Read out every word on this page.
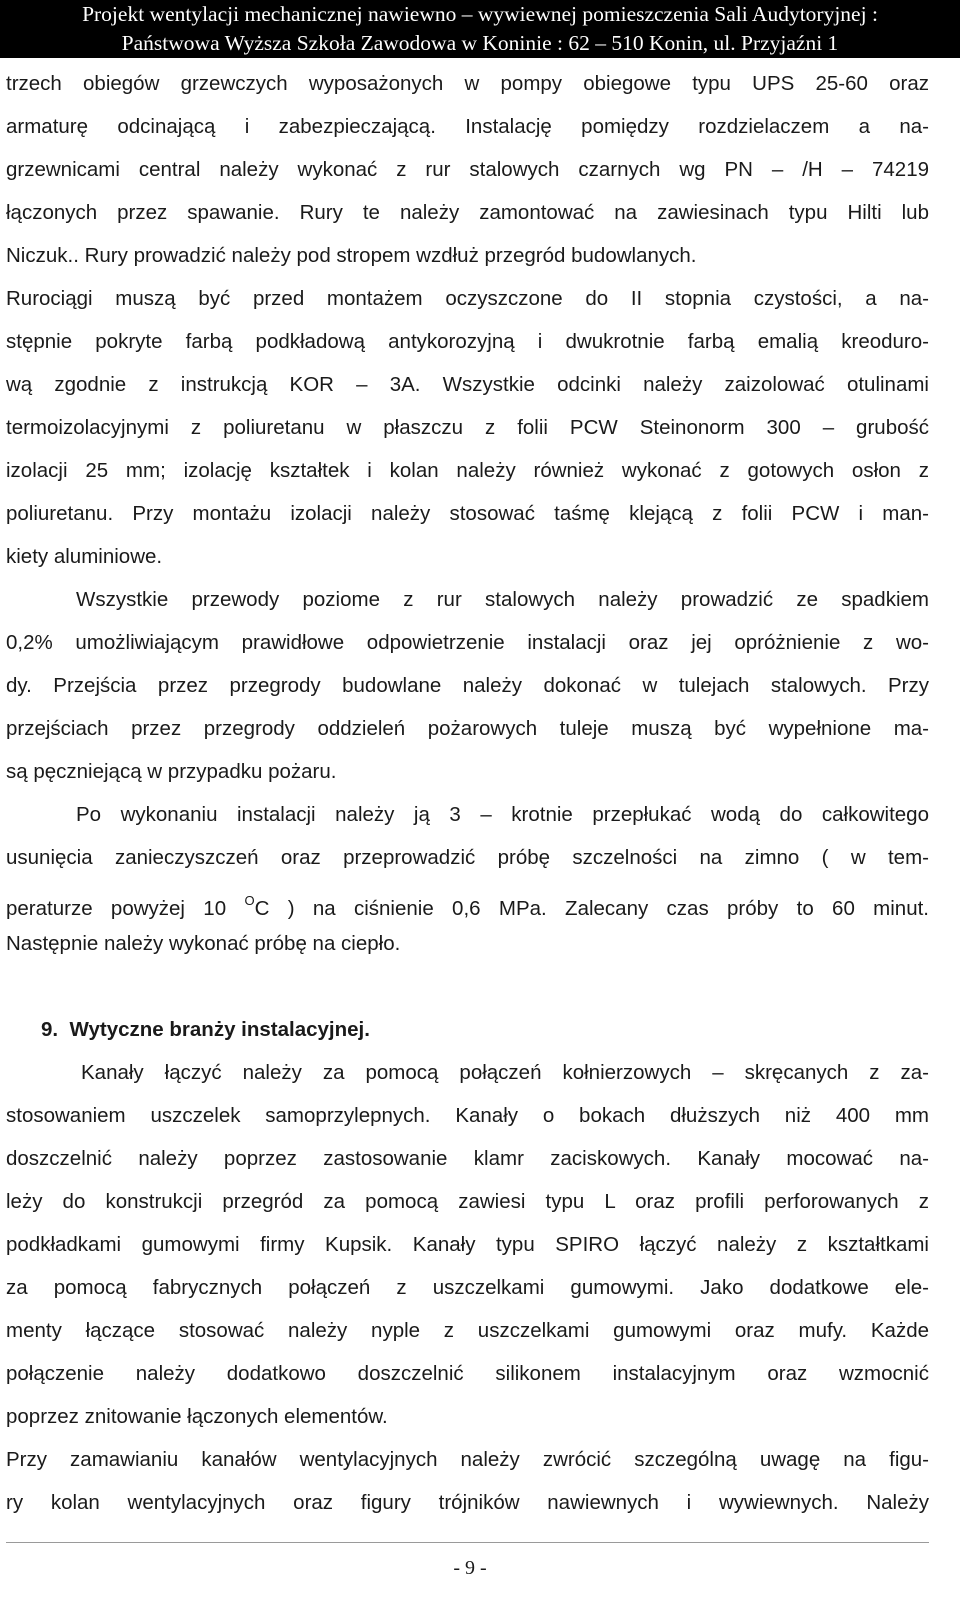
Projekt wentylacji mechanicznej nawiewno – wywiewnej pomieszczenia Sali Audytoryjnej :
Państwowa Wyższa Szkoła Zawodowa w Koninie : 62 – 510 Konin, ul. Przyjaźni 1
trzech obiegów grzewczych wyposażonych w pompy obiegowe typu UPS 25-60 oraz
armaturę odcinającą i zabezpieczającą. Instalację pomiędzy rozdzielaczem a na-
grzewnicami central należy wykonać z rur stalowych czarnych wg PN – /H – 74219
łączonych przez spawanie. Rury te należy zamontować na zawiesinach typu Hilti lub
Niczuk.. Rury prowadzić należy pod stropem wzdłuż przegród budowlanych.
Rurociągi muszą być przed montażem oczyszczone do II stopnia czystości, a na-
stępnie pokryte farbą podkładową antykorozyjną i dwukrotnie farbą emalią kreoduro-
wą zgodnie z instrukcją KOR – 3A. Wszystkie odcinki należy zaizolować otulinami
termoizolacyjnymi z poliuretanu w płaszczu z folii PCW Steinonorm 300 – grubość
izolacji 25 mm; izolację kształtek i kolan należy również wykonać z gotowych osłon z
poliuretanu. Przy montażu izolacji należy stosować taśmę klejącą z folii PCW i man-
kiety aluminiowe.
Wszystkie przewody poziome z rur stalowych należy prowadzić ze spadkiem
0,2% umożliwiającym prawidłowe odpowietrzenie instalacji oraz jej opróżnienie z wo-
dy. Przejścia przez przegrody budowlane należy dokonać w tulejach stalowych. Przy
przejściach przez przegrody oddzieleń pożarowych tuleje muszą być wypełnione ma-
są pęczniejącą w przypadku pożaru.
Po wykonaniu instalacji należy ją 3 – krotnie przepłukać wodą do całkowitego
usunięcia zanieczyszczeń oraz przeprowadzić próbę szczelności na zimno ( w tem-
peraturze powyżej 10 $^O$C ) na ciśnienie 0,6 MPa. Zalecany czas próby to 60 minut.
Następnie należy wykonać próbę na ciepło.
9. Wytyczne branży instalacyjnej.
Kanały łączyć należy za pomocą połączeń kołnierzowych – skręcanych z za-
stosowaniem uszczelek samoprzylepnych. Kanały o bokach dłuższych niż 400 mm
doszczelnić należy poprzez zastosowanie klamr zaciskowych. Kanały mocować na-
leży do konstrukcji przegród za pomocą zawiesi typu L oraz profili perforowanych z
podkładkami gumowymi firmy Kupsik. Kanały typu SPIRO łączyć należy z kształtkami
za pomocą fabrycznych połączeń z uszczelkami gumowymi. Jako dodatkowe ele-
menty łączące stosować należy nyple z uszczelkami gumowymi oraz mufy. Każde
połączenie należy dodatkowo doszczelnić silikonem instalacyjnym oraz wzmocnić
poprzez znitowanie łączonych elementów.
Przy zamawianiu kanałów wentylacyjnych należy zwrócić szczególną uwagę na figu-
ry kolan wentylacyjnych oraz figury trójników nawiewnych i wywiewnych. Należy
- 9 -
